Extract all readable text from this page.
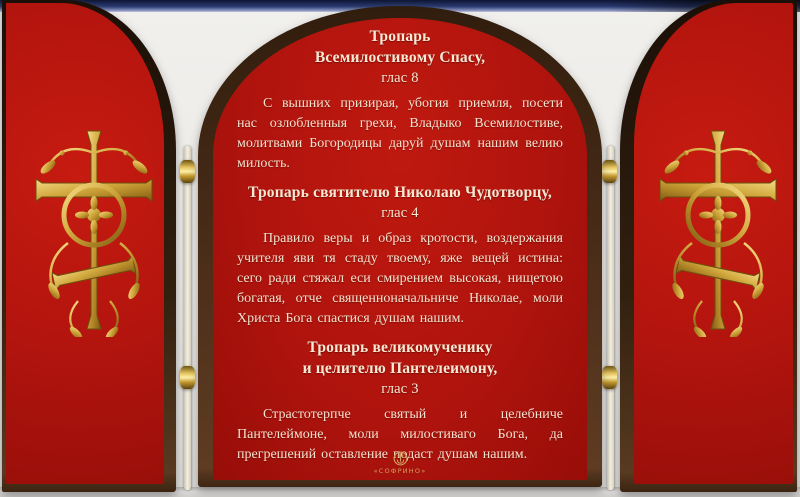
Тропарь
Всемилостивому Спасу,
глас 8

С вышних призирая, убогия приемля, посети нас озлобленныя грехи, Владыко Всемилостиве, молитвами Богородицы даруй душам нашим велию милость.

Тропарь святителю Николаю Чудотворцу,
глас 4

Правило веры и образ кротости, воздержания учителя яви тя стаду твоему, яже вещей истина: сего ради стяжал еси смирением высокая, нищетою богатая, отче священноначальниче Николае, моли Христа Бога спастися душам нашим.

Тропарь великомученику
и целителю Пантелеимону,
глас 3

Страстотерпче святый и целебниче Пантелеймоне, моли милостиваго Бога, да прегрешений оставление подаст душам нашим.

«СОФРИНО»
